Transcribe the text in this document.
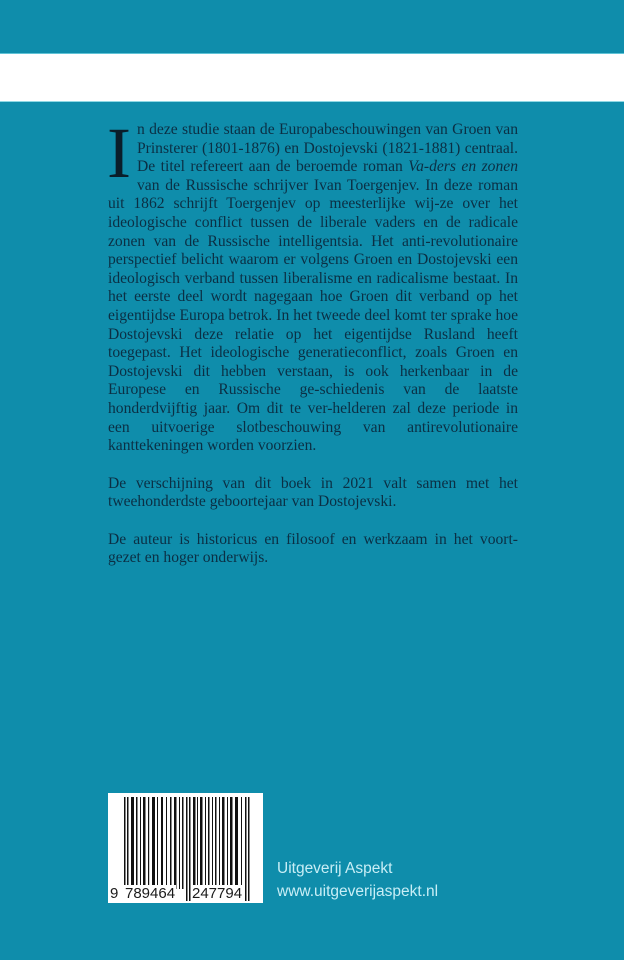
In deze studie staan de Europabeschouwingen van Groen van Prinsterer (1801-1876) en Dostojevski (1821-1881) centraal. De titel refereert aan de beroemde roman Va-ders en zonen van de Russische schrijver Ivan Toergenjev. In deze roman uit 1862 schrijft Toergenjev op meesterlijke wij-ze over het ideologische conflict tussen de liberale vaders en de radicale zonen van de Russische intelligentsia. Het anti-revolutionaire perspectief belicht waarom er volgens Groen en Dostojevski een ideologisch verband tussen liberalisme en radicalisme bestaat. In het eerste deel wordt nagegaan hoe Groen dit verband op het eigentijdse Europa betrok. In het tweede deel komt ter sprake hoe Dostojevski deze relatie op het eigentijdse Rusland heeft toegepast. Het ideologische generatieconflict, zoals Groen en Dostojevski dit hebben verstaan, is ook herkenbaar in de Europese en Russische ge-schiedenis van de laatste honderdvijftig jaar. Om dit te ver-helderen zal deze periode in een uitvoerige slotbeschouwing van antirevolutionaire kanttekeningen worden voorzien.

De verschijning van dit boek in 2021 valt samen met het tweehonderdste geboortejaar van Dostojevski.

De auteur is historicus en filosoof en werkzaam in het voort-gezet en hoger onderwijs.

9 789464 247794
Uitgeverij Aspekt
www.uitgeverijaspekt.nl
